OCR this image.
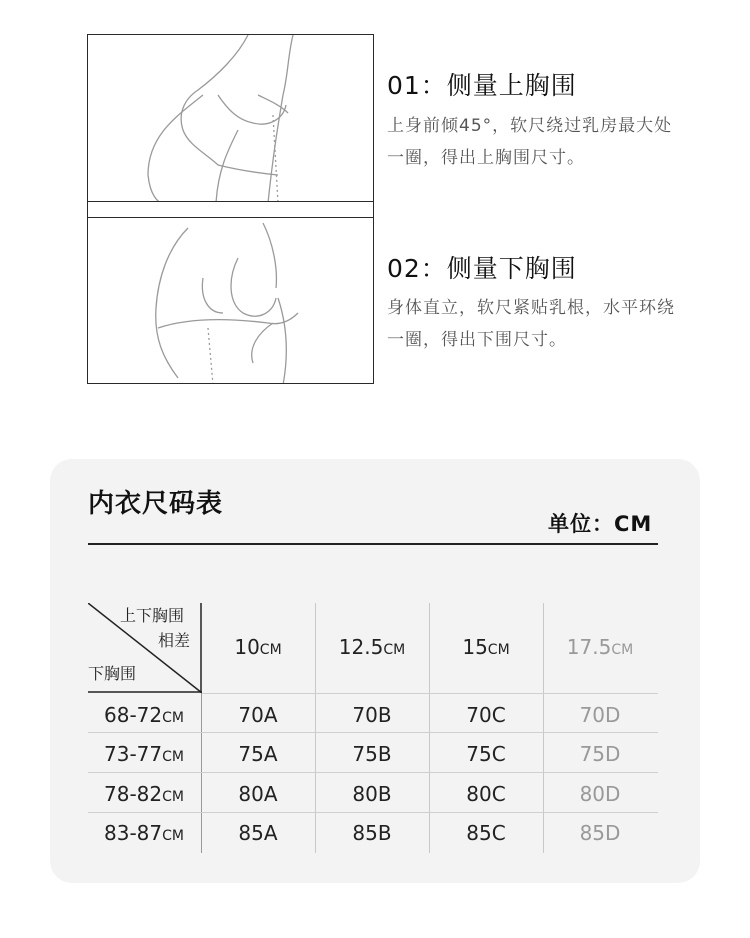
01：侧量上胸围
上身前倾45°，软尺绕过乳房最大处一圈，得出上胸围尺寸。
02：侧量下胸围
身体直立，软尺紧贴乳根，水平环绕一圈，得出下围尺寸。
内衣尺码表
单位：CM
上下胸围
相差
下胸围
10CM	12.5CM	15CM	17.5CM
68-72CM	70A	70B	70C	70D
73-77CM	75A	75B	75C	75D
78-82CM	80A	80B	80C	80D
83-87CM	85A	85B	85C	85D
